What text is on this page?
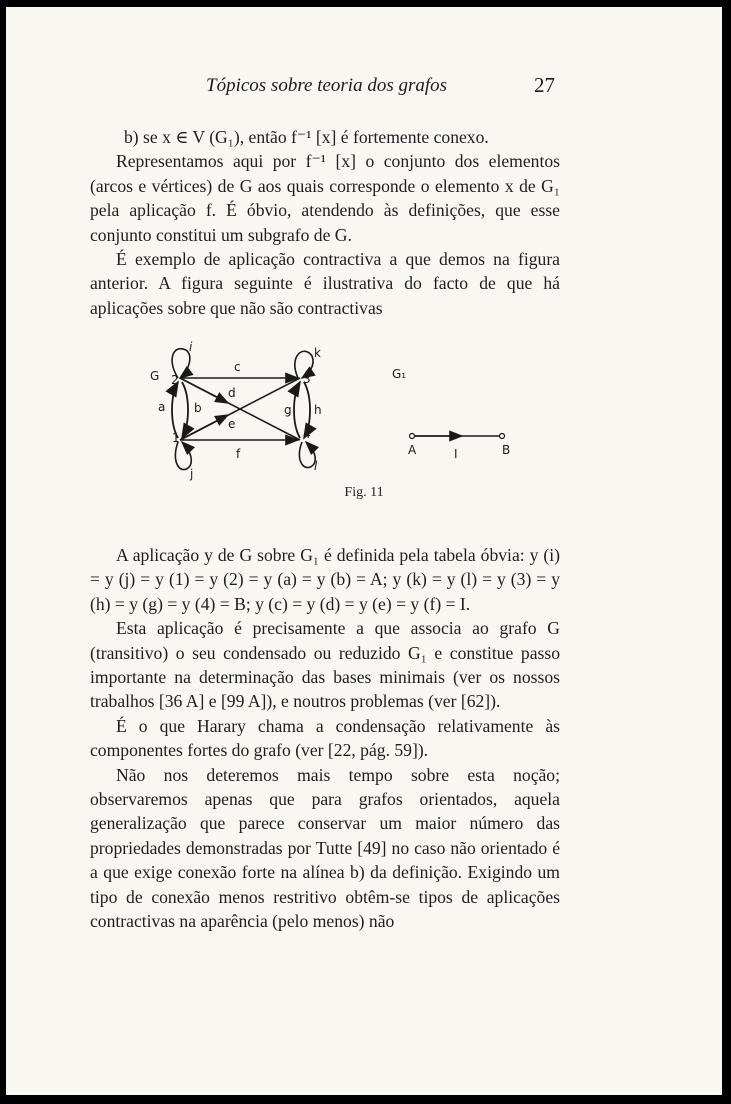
Tópicos sobre teoria dos grafos	27

b) se x ∈ V (G₁), então f⁻¹ [x] é fortemente conexo.

Representamos aqui por f⁻¹ [x] o conjunto dos elementos (arcos e vértices) de G aos quais corresponde o elemento x de G₁ pela aplicação f. É óbvio, atendendo às definições, que esse conjunto constitui um subgrafo de G.

É exemplo de aplicação contractiva a que demos na figura anterior. A figura seguinte é ilustrativa do facto de que há aplicações sobre que não são contractivas

G 2
1
3
4
a b
c
d
e
f
g h
i
j
k
l
G₁
A	B
I
Fig. 11

A aplicação y de G sobre G₁ é definida pela tabela óbvia: y (i) = y (j) = y (1) = y (2) = y (a) = y (b) = A; y (k) = y (l) = y (3) = y (h) = y (g) = y (4) = B; y (c) = y (d) = y (e) = y (f) = I.

Esta aplicação é precisamente a que associa ao grafo G (transitivo) o seu condensado ou reduzido G₁ e constitue passo importante na determinação das bases minimais (ver os nossos trabalhos [36 A] e [99 A]), e noutros problemas (ver [62]).

É o que Harary chama a condensação relativamente às componentes fortes do grafo (ver [22, pág. 59]).

Não nos deteremos mais tempo sobre esta noção; observaremos apenas que para grafos orientados, aquela generalização que parece conservar um maior número das propriedades demonstradas por Tutte [49] no caso não orientado é a que exige conexão forte na alínea b) da definição. Exigindo um tipo de conexão menos restritivo obtêm-se tipos de aplicações contractivas na aparência (pelo menos) não
